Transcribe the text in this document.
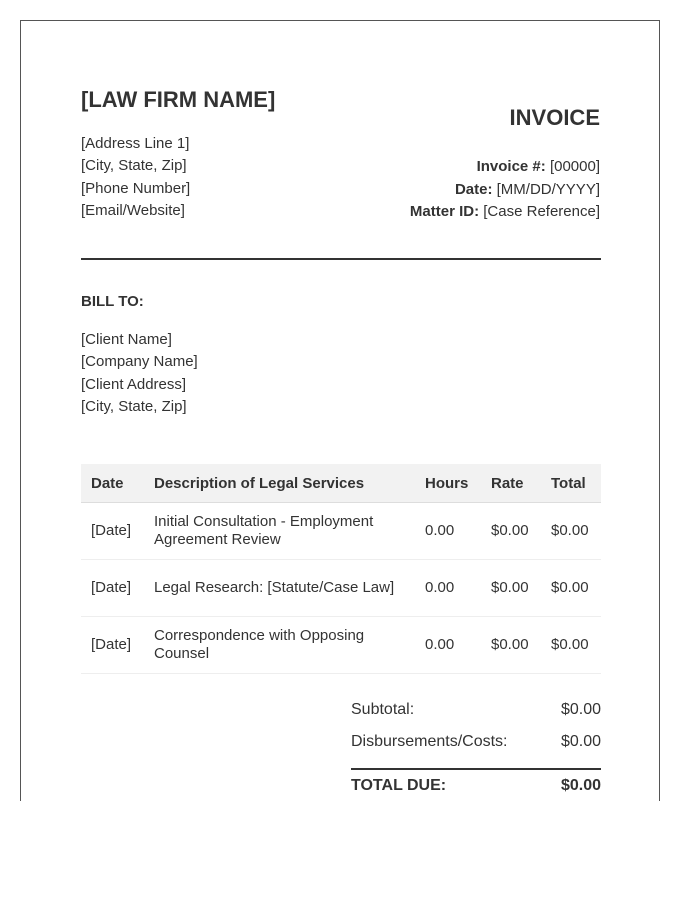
[LAW FIRM NAME]
[Address Line 1]
[City, State, Zip]
[Phone Number]
[Email/Website]
INVOICE
Invoice #: [00000]
Date: [MM/DD/YYYY]
Matter ID: [Case Reference]
BILL TO:
[Client Name]
[Company Name]
[Client Address]
[City, State, Zip]
Date	Description of Legal Services	Hours	Rate	Total
[Date]	Initial Consultation - Employment Agreement Review	0.00	$0.00	$0.00
[Date]	Legal Research: [Statute/Case Law]	0.00	$0.00	$0.00
[Date]	Correspondence with Opposing Counsel	0.00	$0.00	$0.00
Subtotal:	$0.00
Disbursements/Costs:	$0.00
TOTAL DUE:	$0.00
